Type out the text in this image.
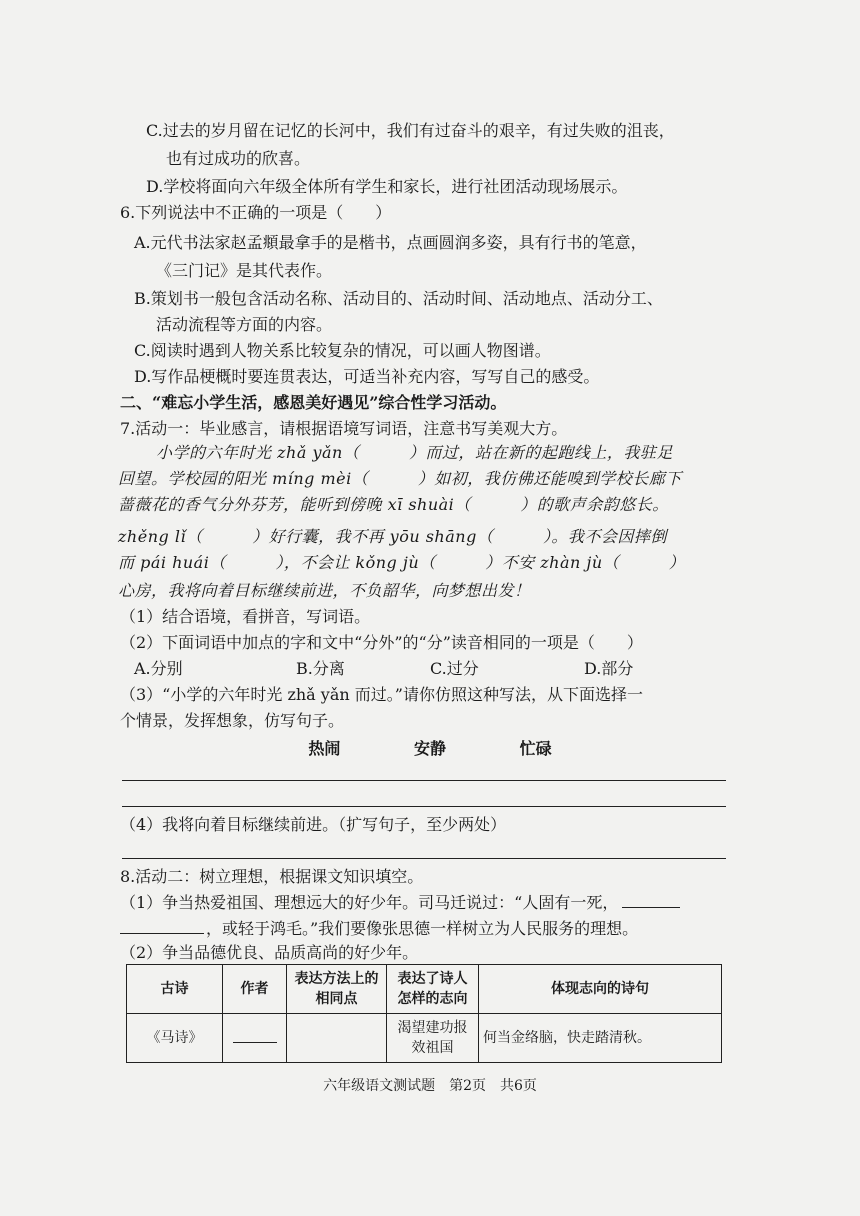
C.过去的岁月留在记忆的长河中，我们有过奋斗的艰辛，有过失败的沮丧，
也有过成功的欣喜。
D.学校将面向六年级全体所有学生和家长，进行社团活动现场展示。
6.下列说法中不正确的一项是（　　）
A.元代书法家赵孟頫最拿手的是楷书，点画圆润多姿，具有行书的笔意，
《三门记》是其代表作。
B.策划书一般包含活动名称、活动目的、活动时间、活动地点、活动分工、
活动流程等方面的内容。
C.阅读时遇到人物关系比较复杂的情况，可以画人物图谱。
D.写作品梗概时要连贯表达，可适当补充内容，写写自己的感受。
二、“难忘小学生活，感恩美好遇见”综合性学习活动。
7.活动一：毕业感言，请根据语境写词语，注意书写美观大方。
小学的六年时光 zhǎ yǎn（　　　）而过，站在新的起跑线上，我驻足
回望。学校园的阳光 míng mèi（　　　）如初，我仿佛还能嗅到学校长廊下
蔷薇花的香气分外芬芳，能听到傍晚 xī shuài（　　　）的歌声余韵悠长。
zhěng lǐ（　　　）好行囊，我不再 yōu shāng（　　　）。我不会因摔倒
而 pái huái（　　　），不会让 kǒng jù（　　　）不安 zhàn jù（　　　）
心房，我将向着目标继续前进，不负韶华，向梦想出发！
（1）结合语境，看拼音，写词语。
（2）下面词语中加点的字和文中“分外”的“分”读音相同的一项是（　　）
A.分别	B.分离	C.过分	D.部分
（3）“小学的六年时光 zhǎ yǎn 而过。”请你仿照这种写法，从下面选择一
个情景，发挥想象，仿写句子。
热闹	安静	忙碌
（4）我将向着目标继续前进。（扩写句子，至少两处）
8.活动二：树立理想，根据课文知识填空。
（1）争当热爱祖国、理想远大的好少年。司马迁说过：“人固有一死，
，或轻于鸿毛。”我们要像张思德一样树立为人民服务的理想。
（2）争当品德优良、品质高尚的好少年。
古诗	作者	表达方法上的相同点	表达了诗人怎样的志向	体现志向的诗句
《马诗》			渴望建功报效祖国	何当金络脑，快走踏清秋。
六年级语文测试题　第2页　共6页
